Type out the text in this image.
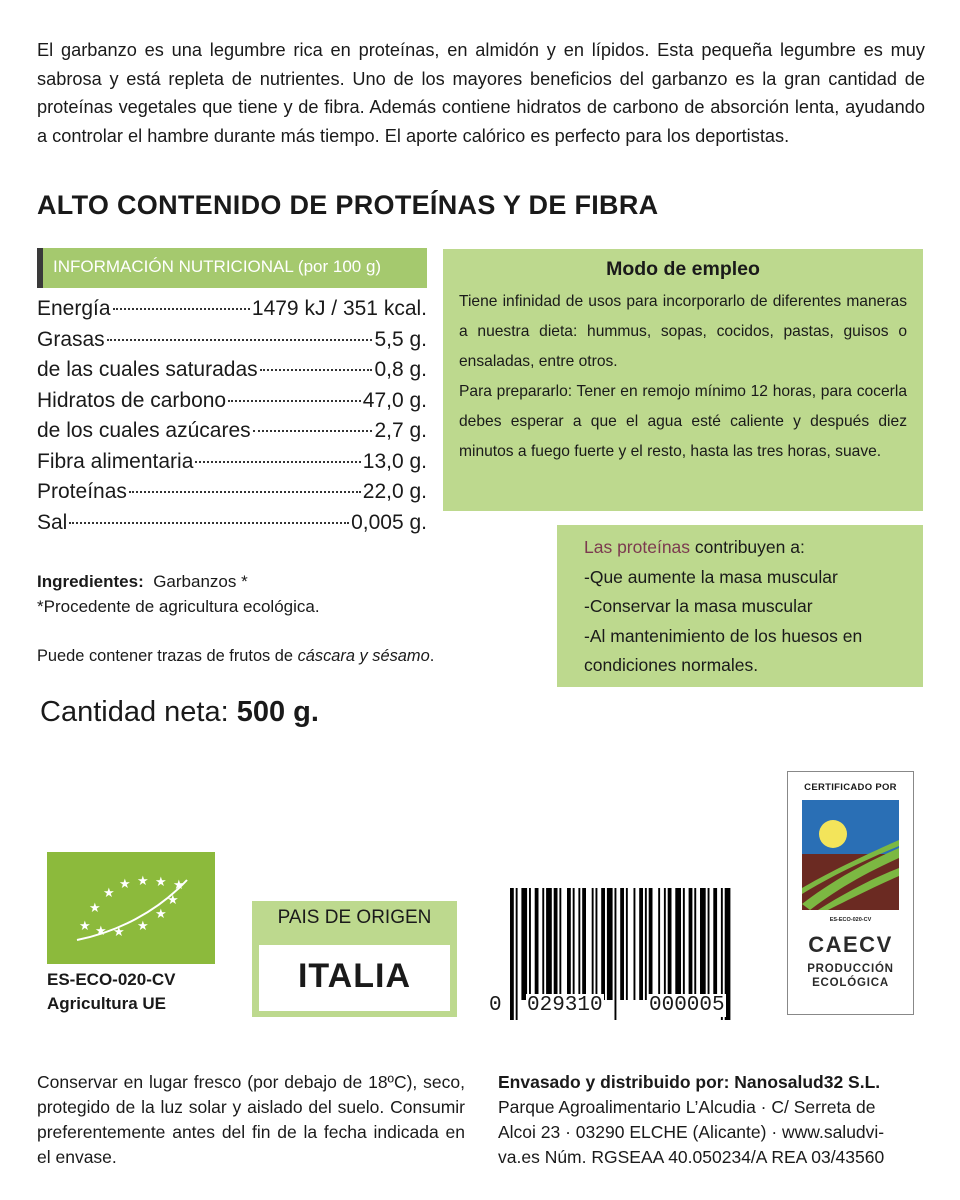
El garbanzo es una legumbre rica en proteínas, en almidón y en lípidos. Esta pequeña legumbre es muy sabrosa y está repleta de nutrientes. Uno de los mayores beneficios del garbanzo es la gran cantidad de proteínas vegetales que tiene y de fibra. Además contiene hidratos de carbono de absorción lenta, ayudando a controlar el hambre durante más tiempo. El aporte calórico es perfecto para los deportistas.
ALTO CONTENIDO DE PROTEÍNAS Y DE FIBRA
INFORMACIÓN NUTRICIONAL (por 100 g)
Energía	1479 kJ / 351 kcal.
Grasas	5,5 g.
de las cuales saturadas	0,8 g.
Hidratos de carbono	47,0 g.
de los cuales azúcares	2,7 g.
Fibra alimentaria	13,0 g.
Proteínas	22,0 g.
Sal	0,005 g.
Modo de empleo

Tiene infinidad de usos para incorporarlo de diferentes maneras a nuestra dieta: hummus, sopas, cocidos, pastas, guisos o ensaladas, entre otros.

Para prepararlo: Tener en remojo mínimo 12 horas, para cocerla debes esperar a que el agua esté caliente y después diez minutos a fuego fuerte y el resto, hasta las tres horas, suave.

Las proteínas contribuyen a:
-Que aumente la masa muscular
-Conservar la masa muscular
-Al mantenimiento de los huesos en
condiciones normales.
Ingredientes: Garbanzos *
*Procedente de agricultura ecológica.
Puede contener trazas de frutos de cáscara y sésamo.
Cantidad neta: 500 g.
★ ★ ★ ★
★	★
★	★
★ ★ ★ ★
ES-ECO-020-CV
Agricultura UE
PAIS DE ORIGEN
ITALIA
0 029310 000005
CERTIFICADO POR
ES-ECO-020-CV
CAECV
PRODUCCIÓN
ECOLÓGICA
Conservar en lugar fresco (por debajo de 18ºC), seco, protegido de la luz solar y aislado del suelo. Consumir preferentemente antes del fin de la fecha indicada en el envase.
Envasado y distribuido por: Nanosalud32 S.L.
Parque Agroalimentario L’Alcudia · C/ Serreta de
Alcoi 23 · 03290 ELCHE (Alicante) · www.saludvi-
va.es Núm. RGSEAA 40.050234/A REA 03/43560
